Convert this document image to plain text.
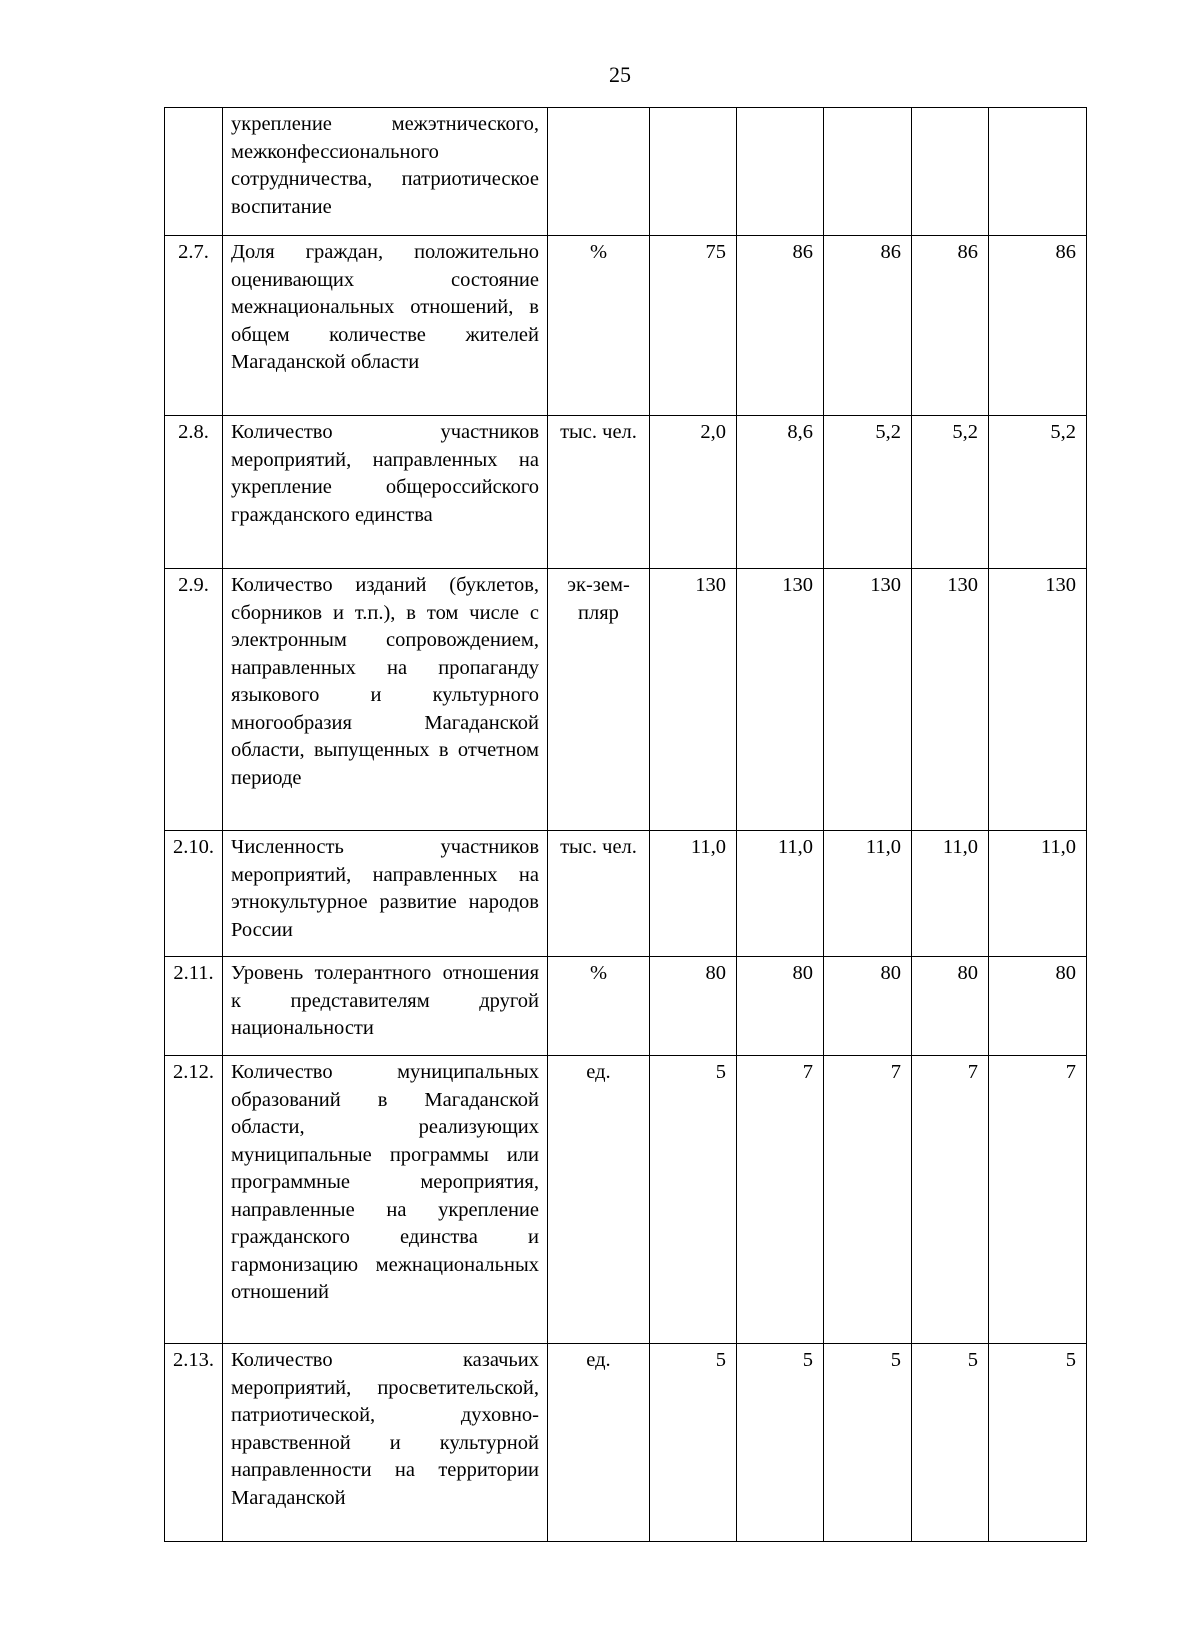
25
	укрепление межэтнического, межконфессионального сотрудничества, патриотическое воспитание						
2.7.	Доля граждан, положительно оценивающих состояние межнациональных отношений, в общем количестве жителей Магаданской области	%	75	86	86	86	86
2.8.	Количество участников мероприятий, направленных на укрепление общероссийского гражданского единства	тыс. чел.	2,0	8,6	5,2	5,2	5,2
2.9.	Количество изданий (буклетов, сборников и т.п.), в том числе с электронным сопровождением, направленных на пропаганду языкового и культурного многообразия Магаданской области, выпущенных в отчетном периоде	эк-зем-пляр	130	130	130	130	130
2.10.	Численность участников мероприятий, направленных на этнокультурное развитие народов России	тыс. чел.	11,0	11,0	11,0	11,0	11,0
2.11.	Уровень толерантного отношения к представителям другой национальности	%	80	80	80	80	80
2.12.	Количество муниципальных образований в Магаданской области, реализующих муниципальные программы или программные мероприятия, направленные на укрепление гражданского единства и гармонизацию межнациональных отношений	ед.	5	7	7	7	7
2.13.	Количество казачьих мероприятий, просветительской, патриотической, духовно-нравственной и культурной направленности на территории Магаданской	ед.	5	5	5	5	5
